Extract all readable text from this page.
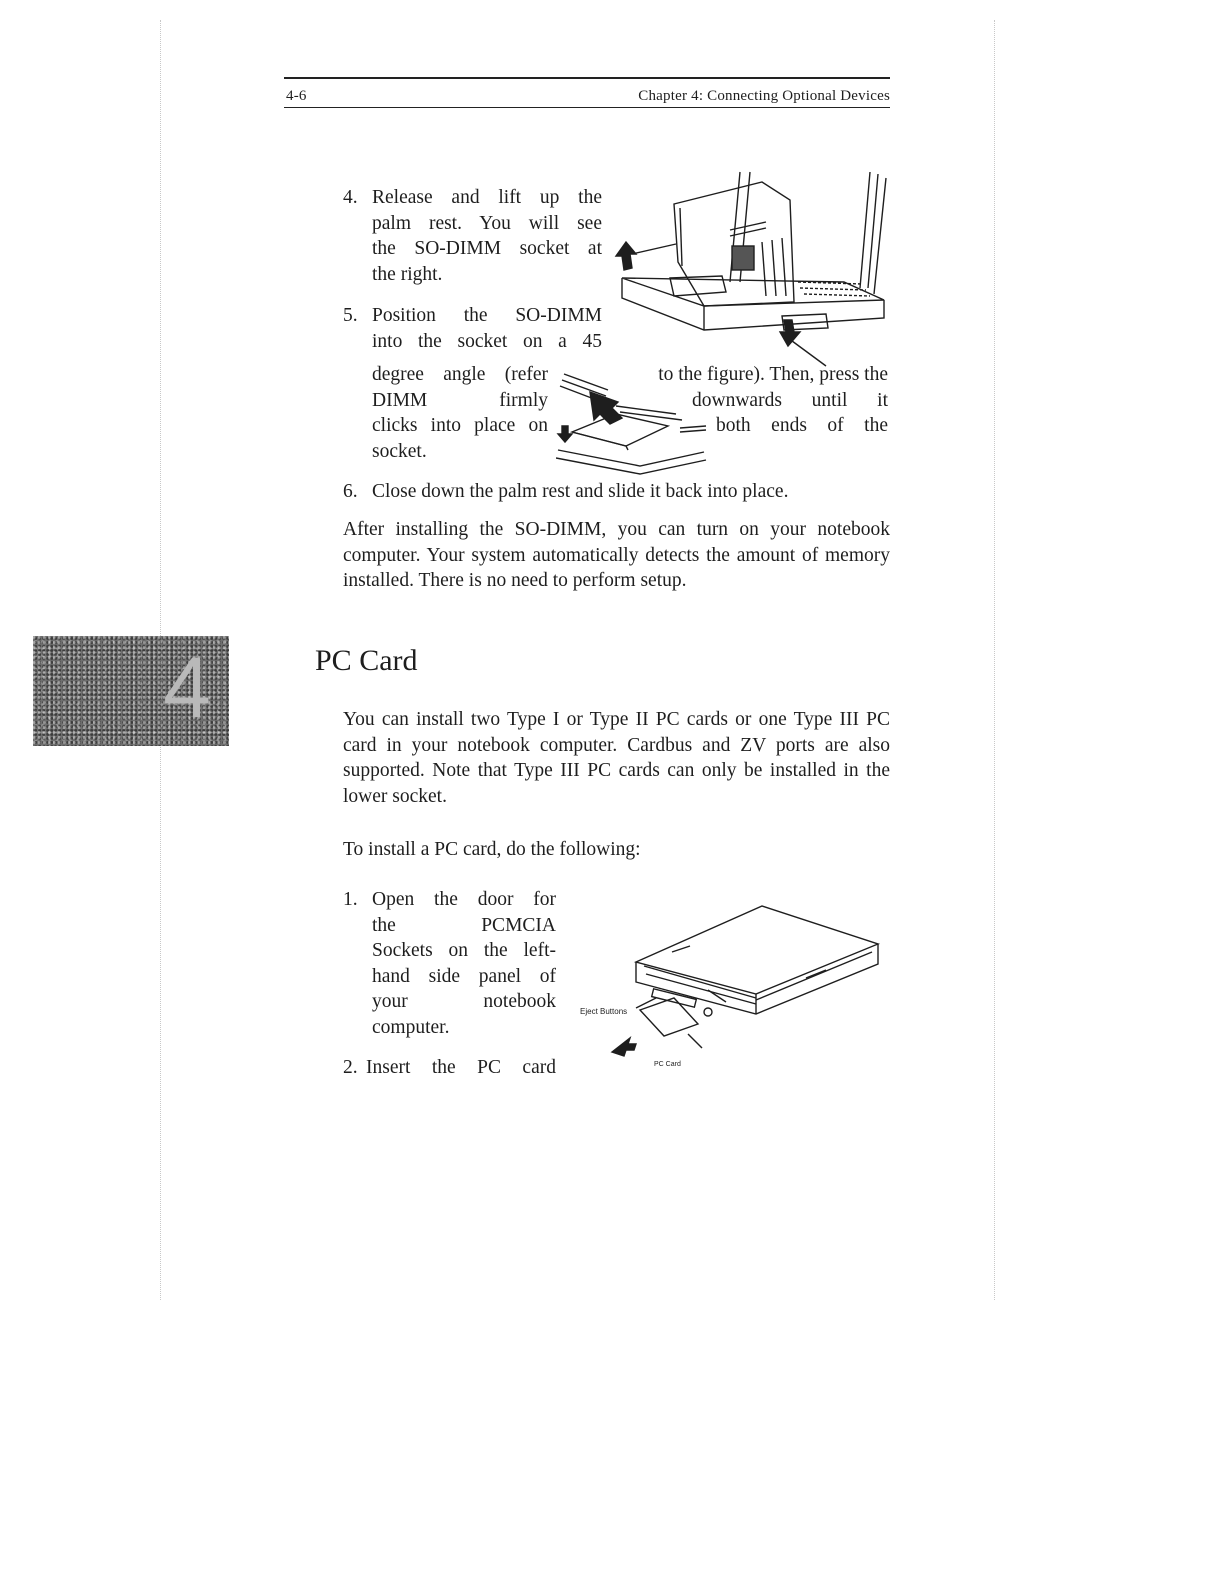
4-6	Chapter 4: Connecting Optional Devices
4. Release and lift up the

palm rest. You will see

the SO-DIMM socket at

the right.

5. Position the SO-DIMM

into the socket on a 45

degree angle (refer

DIMM firmly

clicks into place on

socket.

to the figure). Then, press the

downwards until it

both ends of the

6. Close down the palm rest and slide it back into place.
After installing the SO-DIMM, you can turn on your notebook computer. Your system automatically detects the amount of memory installed. There is no need to perform setup.
4	PC Card
You can install two Type I or Type II PC cards or one Type III PC card in your notebook computer. Cardbus and ZV ports are also supported. Note that Type III PC cards can only be installed in the lower socket.
To install a PC card, do the following:
1. Open the door for

the PCMCIA

Sockets on the left-

hand side panel of

your notebook

computer.

2. Insert the PC card

Eject Buttons
PC Card
